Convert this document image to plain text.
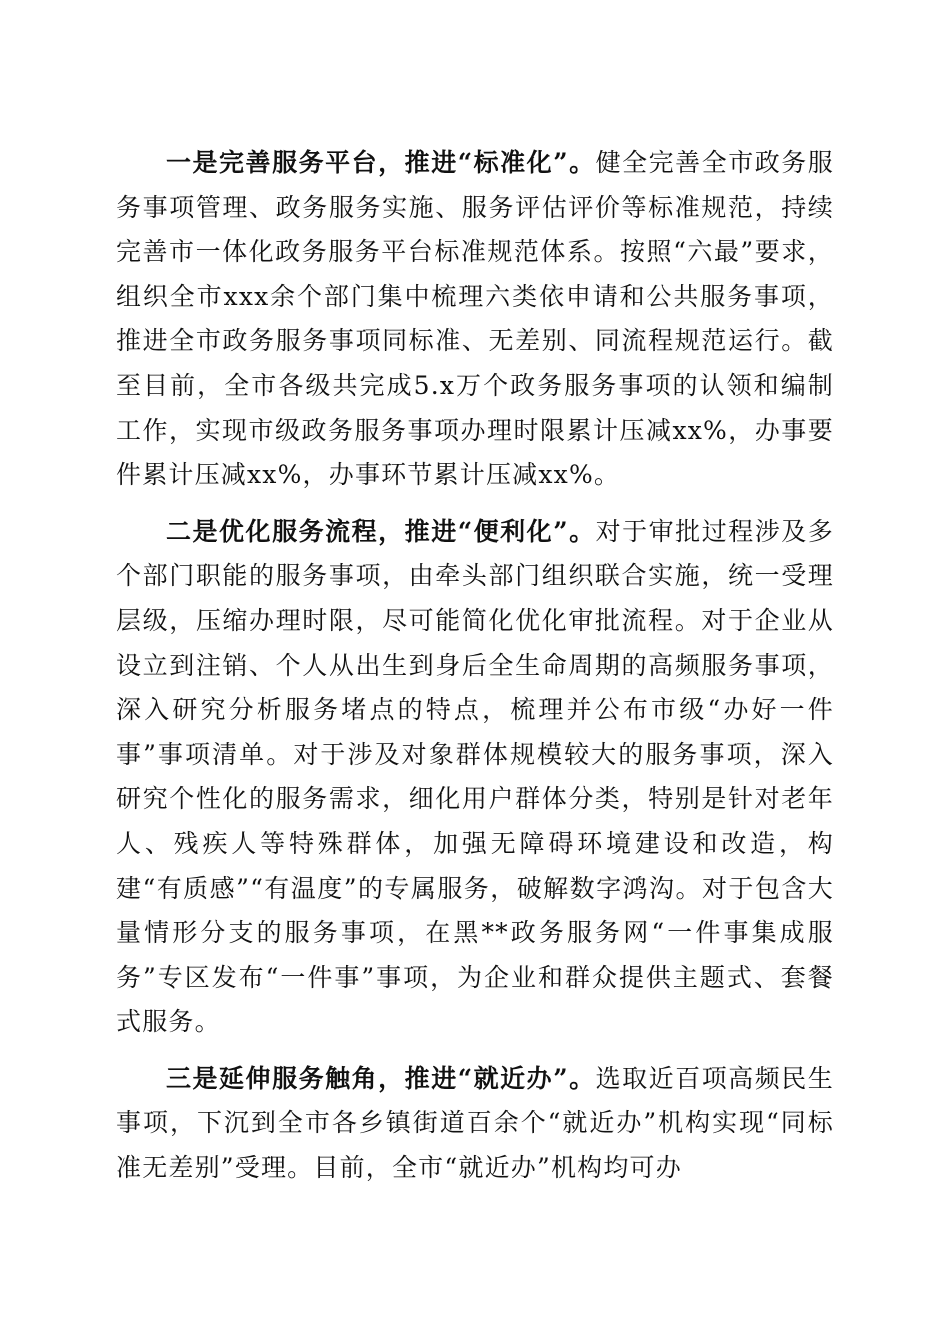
一是完善服务平台，推进“标准化”。健全完善全市政务服务事项管理、政务服务实施、服务评估评价等标准规范，持续完善市一体化政务服务平台标准规范体系。按照“六最”要求，组织全市xxx余个部门集中梳理六类依申请和公共服务事项，推进全市政务服务事项同标准、无差别、同流程规范运行。截至目前，全市各级共完成5.x万个政务服务事项的认领和编制工作，实现市级政务服务事项办理时限累计压减xx%，办事要件累计压减xx%，办事环节累计压减xx%。

二是优化服务流程，推进“便利化”。对于审批过程涉及多个部门职能的服务事项，由牵头部门组织联合实施，统一受理层级，压缩办理时限，尽可能简化优化审批流程。对于企业从设立到注销、个人从出生到身后全生命周期的高频服务事项，深入研究分析服务堵点的特点，梳理并公布市级“办好一件事”事项清单。对于涉及对象群体规模较大的服务事项，深入研究个性化的服务需求，细化用户群体分类，特别是针对老年人、残疾人等特殊群体，加强无障碍环境建设和改造，构建“有质感”“有温度”的专属服务，破解数字鸿沟。对于包含大量情形分支的服务事项，在黑**政务服务网“一件事集成服务”专区发布“一件事”事项，为企业和群众提供主题式、套餐式服务。

三是延伸服务触角，推进“就近办”。选取近百项高频民生事项，下沉到全市各乡镇街道百余个“就近办”机构实现“同标准无差别”受理。目前，全市“就近办”机构均可办
